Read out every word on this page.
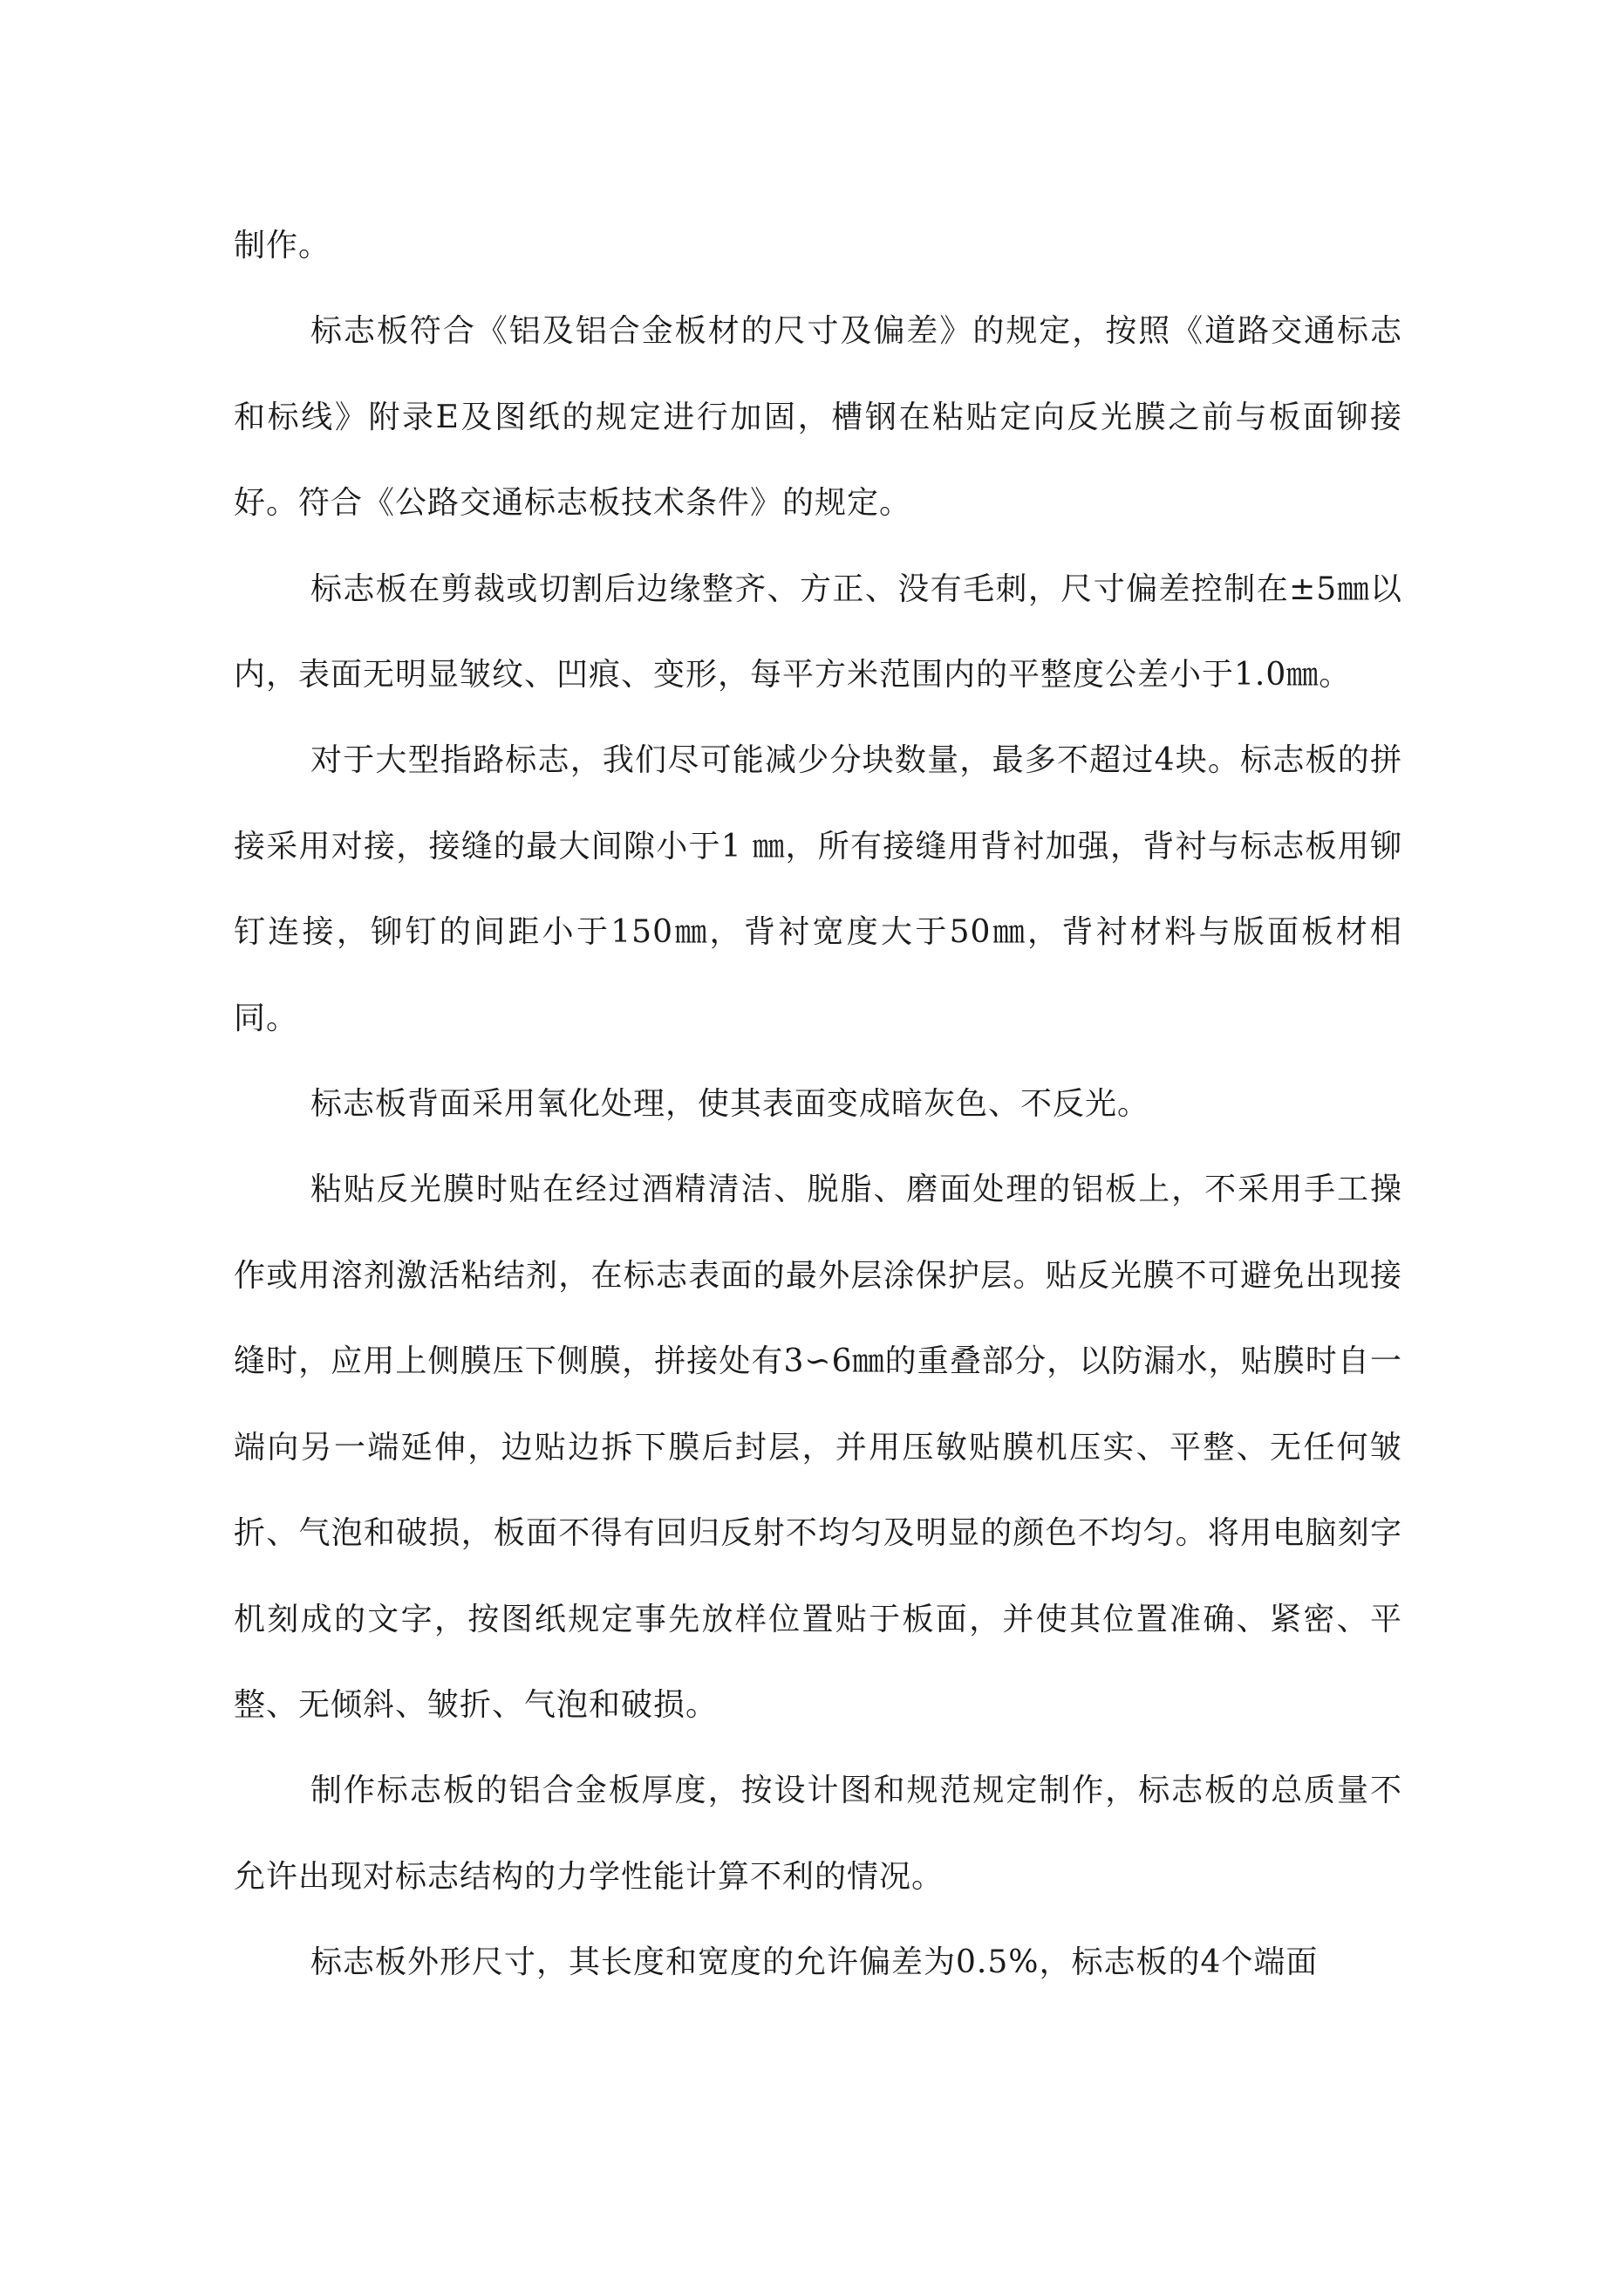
制作。

标志板符合《铝及铝合金板材的尺寸及偏差》的规定，按照《道路交通标志和标线》附录E及图纸的规定进行加固，槽钢在粘贴定向反光膜之前与板面铆接好。符合《公路交通标志板技术条件》的规定。

标志板在剪裁或切割后边缘整齐、方正、没有毛刺，尺寸偏差控制在±5㎜以内，表面无明显皱纹、凹痕、变形，每平方米范围内的平整度公差小于1.0㎜。

对于大型指路标志，我们尽可能减少分块数量，最多不超过4块。标志板的拼接采用对接，接缝的最大间隙小于1 ㎜，所有接缝用背衬加强，背衬与标志板用铆钉连接，铆钉的间距小于150㎜，背衬宽度大于50㎜，背衬材料与版面板材相同。

标志板背面采用氧化处理，使其表面变成暗灰色、不反光。

粘贴反光膜时贴在经过酒精清洁、脱脂、磨面处理的铝板上，不采用手工操作或用溶剂激活粘结剂，在标志表面的最外层涂保护层。贴反光膜不可避免出现接缝时，应用上侧膜压下侧膜，拼接处有3∽6㎜的重叠部分，以防漏水，贴膜时自一端向另一端延伸，边贴边拆下膜后封层，并用压敏贴膜机压实、平整、无任何皱折、气泡和破损，板面不得有回归反射不均匀及明显的颜色不均匀。将用电脑刻字机刻成的文字，按图纸规定事先放样位置贴于板面，并使其位置准确、紧密、平整、无倾斜、皱折、气泡和破损。

制作标志板的铝合金板厚度，按设计图和规范规定制作，标志板的总质量不允许出现对标志结构的力学性能计算不利的情况。

标志板外形尺寸，其长度和宽度的允许偏差为0.5%，标志板的4个端面
